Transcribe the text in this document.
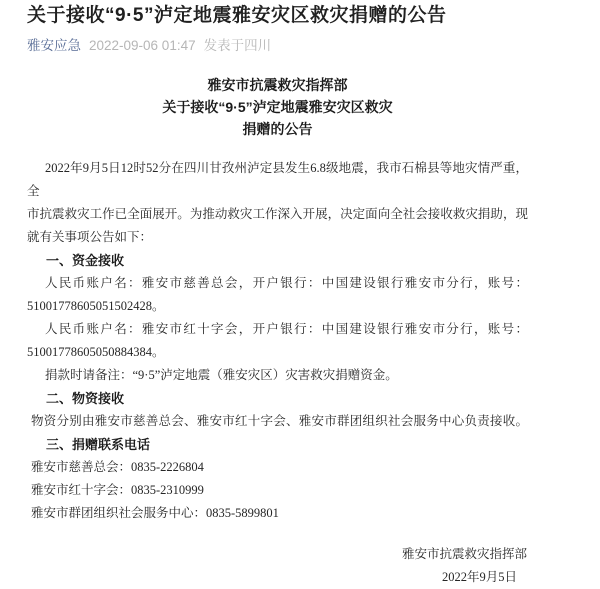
关于接收“9·5”泸定地震雅安灾区救灾捐赠的公告
雅安应急 2022-09-06 01:47 发表于四川
雅安市抗震救灾指挥部
关于接收“9·5”泸定地震雅安灾区救灾
捐赠的公告

2022年9月5日12时52分在四川甘孜州泸定县发生6.8级地震，我市石棉县等地灾情严重，全
市抗震救灾工作已全面展开。为推动救灾工作深入开展，决定面向全社会接收救灾捐助，现
就有关事项公告如下：

一、资金接收

人民币账户名：雅安市慈善总会，开户银行：中国建设银行雅安市分行，账号：
51001778605051502428。

人民币账户名：雅安市红十字会，开户银行：中国建设银行雅安市分行，账号：
51001778605050884384。

捐款时请备注：“9·5”泸定地震（雅安灾区）灾害救灾捐赠资金。

二、物资接收

物资分别由雅安市慈善总会、雅安市红十字会、雅安市群团组织社会服务中心负责接收。

三、捐赠联系电话

雅安市慈善总会：0835-2226804

雅安市红十字会：0835-2310999

雅安市群团组织社会服务中心：0835-5899801

雅安市抗震救灾指挥部
2022年9月5日
